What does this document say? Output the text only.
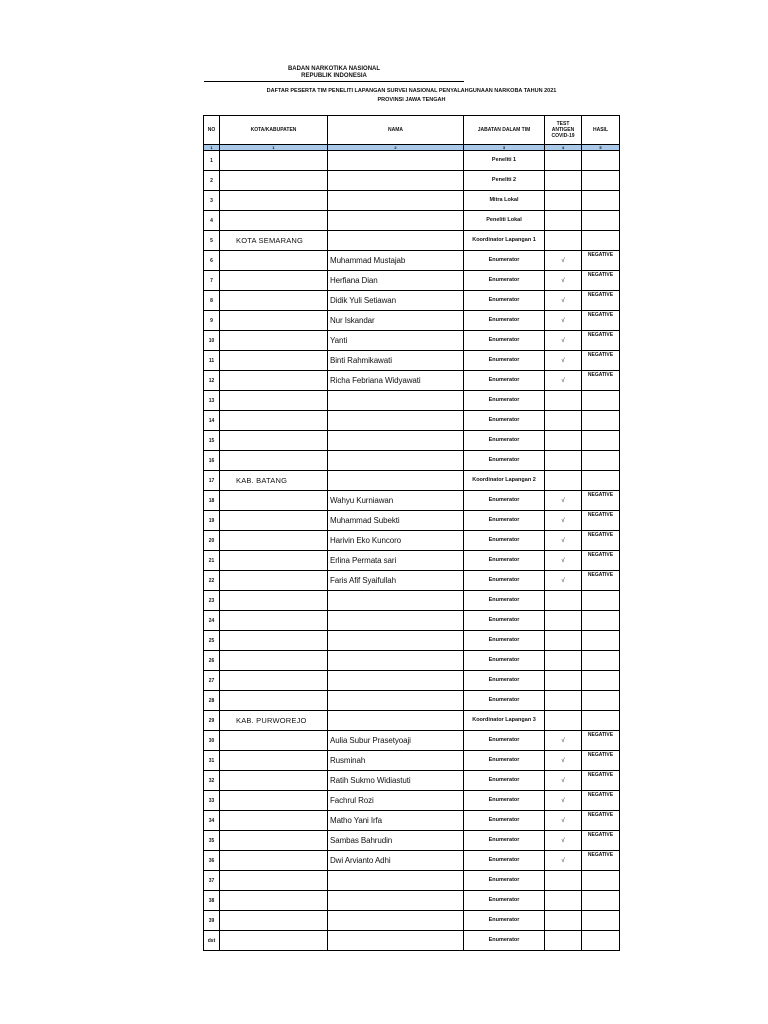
BADAN NARKOTIKA NASIONAL
REPUBLIK INDONESIA
DAFTAR PESERTA TIM PENELITI LAPANGAN SURVEI NASIONAL PENYALAHGUNAAN NARKOBA TAHUN 2021
PROVINSI JAWA TENGAH
NO	KOTA/KABUPATEN	NAMA	JABATAN DALAM TIM	TEST ANTIGEN COVID-19	HASIL
1	1	2	3	4	5
1			Peneliti 1		
2			Peneliti 2		
3			Mitra Lokal		
4			Peneliti Lokal		
5	KOTA SEMARANG		Koordinator Lapangan 1		
6		Muhammad Mustajab	Enumerator	√	NEGATIVE
7		Herfiana Dian	Enumerator	√	NEGATIVE
8		Didik Yuli Setiawan	Enumerator	√	NEGATIVE
9		Nur Iskandar	Enumerator	√	NEGATIVE
10		Yanti	Enumerator	√	NEGATIVE
11		Binti Rahmikawati	Enumerator	√	NEGATIVE
12		Richa Febriana Widyawati	Enumerator	√	NEGATIVE
13			Enumerator		
14			Enumerator		
15			Enumerator		
16			Enumerator		
17	KAB. BATANG		Koordinator Lapangan 2		
18		Wahyu Kurniawan	Enumerator	√	NEGATIVE
19		Muhammad Subekti	Enumerator	√	NEGATIVE
20		Harivin Eko Kuncoro	Enumerator	√	NEGATIVE
21		Erlina Permata sari	Enumerator	√	NEGATIVE
22		Faris Afif Syaifullah	Enumerator	√	NEGATIVE
23			Enumerator		
24			Enumerator		
25			Enumerator		
26			Enumerator		
27			Enumerator		
28			Enumerator		
29	KAB. PURWOREJO		Koordinator Lapangan 3		
30		Aulia Subur Prasetyoaji	Enumerator	√	NEGATIVE
31		Rusminah	Enumerator	√	NEGATIVE
32		Ratih Sukmo Widiastuti	Enumerator	√	NEGATIVE
33		Fachrul Rozi	Enumerator	√	NEGATIVE
34		Matho Yani Irfa	Enumerator	√	NEGATIVE
35		Sambas Bahrudin	Enumerator	√	NEGATIVE
36		Dwi Arvianto Adhi	Enumerator	√	NEGATIVE
37			Enumerator		
38			Enumerator		
39			Enumerator		
dst			Enumerator		
